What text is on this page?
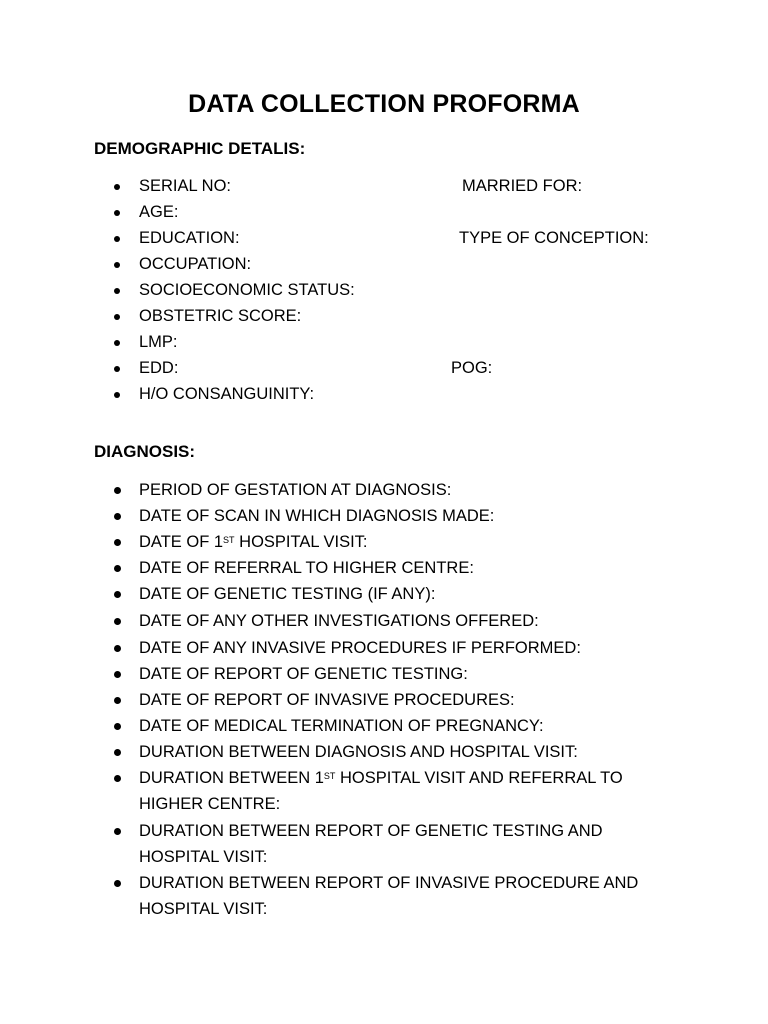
DATA COLLECTION PROFORMA
DEMOGRAPHIC DETALIS:
SERIAL NO:	MARRIED FOR:
AGE:
EDUCATION:	TYPE OF CONCEPTION:
OCCUPATION:
SOCIOECONOMIC STATUS:
OBSTETRIC SCORE:
LMP:
EDD:	POG:
H/O CONSANGUINITY:
DIAGNOSIS:
PERIOD OF GESTATION AT DIAGNOSIS:
DATE OF SCAN IN WHICH DIAGNOSIS MADE:
DATE OF 1ST HOSPITAL VISIT:
DATE OF REFERRAL TO HIGHER CENTRE:
DATE OF GENETIC TESTING (IF ANY):
DATE OF ANY OTHER INVESTIGATIONS OFFERED:
DATE OF ANY INVASIVE PROCEDURES IF PERFORMED:
DATE OF REPORT OF GENETIC TESTING:
DATE OF REPORT OF INVASIVE PROCEDURES:
DATE OF MEDICAL TERMINATION OF PREGNANCY:
DURATION BETWEEN DIAGNOSIS AND HOSPITAL VISIT:
DURATION BETWEEN 1ST HOSPITAL VISIT AND REFERRAL TO
HIGHER CENTRE:
DURATION BETWEEN REPORT OF GENETIC TESTING AND
HOSPITAL VISIT:
DURATION BETWEEN REPORT OF INVASIVE PROCEDURE AND
HOSPITAL VISIT:
